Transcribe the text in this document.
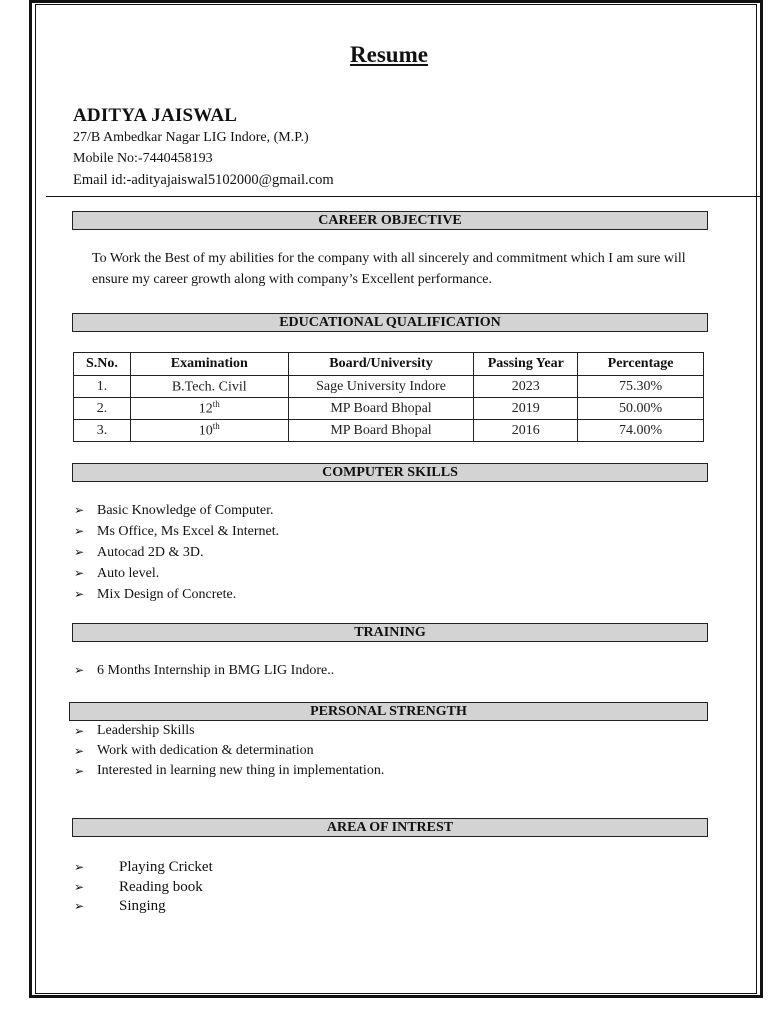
Resume
ADITYA JAISWAL
27/B Ambedkar Nagar LIG Indore, (M.P.)
Mobile No:-7440458193
Email id:-adityajaiswal5102000@gmail.com
CAREER OBJECTIVE
To Work the Best of my abilities for the company with all sincerely and commitment which I am sure will ensure my career growth along with company’s Excellent performance.
EDUCATIONAL QUALIFICATION
S.No.	Examination	Board/University	Passing Year	Percentage
1.	B.Tech. Civil	Sage University Indore	2023	75.30%
2.	12th	MP Board Bhopal	2019	50.00%
3.	10th	MP Board Bhopal	2016	74.00%
COMPUTER SKILLS
➢ Basic Knowledge of Computer.
➢ Ms Office, Ms Excel & Internet.
➢ Autocad 2D & 3D.
➢ Auto level.
➢ Mix Design of Concrete.
TRAINING
➢ 6 Months Internship in BMG LIG Indore..
PERSONAL STRENGTH
➢ Leadership Skills
➢ Work with dedication & determination
➢ Interested in learning new thing in implementation.
AREA OF INTREST
➢ Playing Cricket
➢ Reading book
➢ Singing
